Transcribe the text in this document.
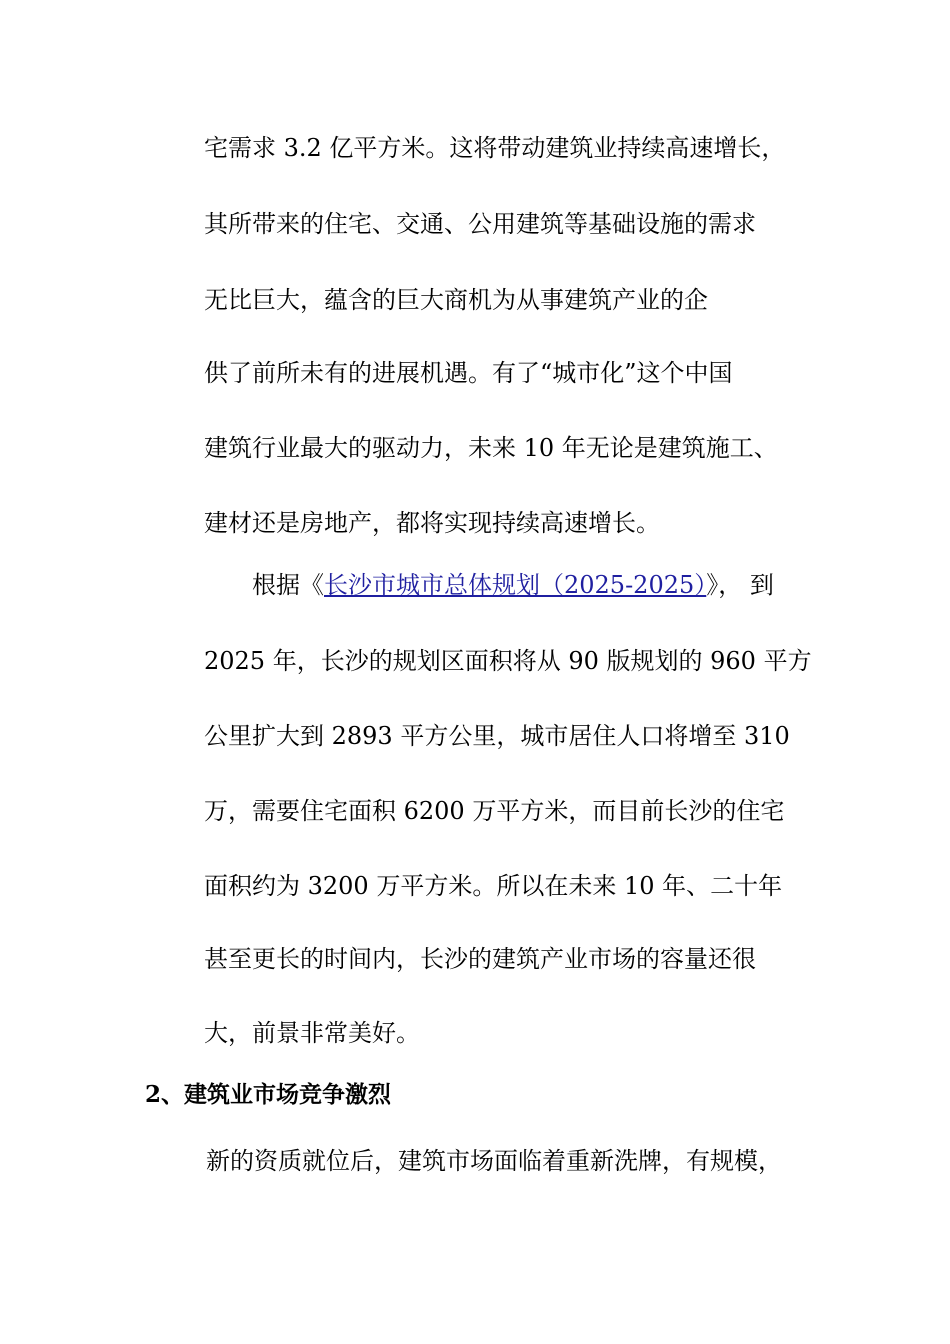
宅需求 3.2 亿平方米。这将带动建筑业持续高速增长，
其所带来的住宅、交通、公用建筑等基础设施的需求
无比巨大，蕴含的巨大商机为从事建筑产业的企
供了前所未有的进展机遇。有了“城市化”这个中国
建筑行业最大的驱动力，未来 10 年无论是建筑施工、
建材还是房地产，都将实现持续高速增长。
根据《长沙市城市总体规划（2025-2025）》， 到
2025 年，长沙的规划区面积将从 90 版规划的 960 平方
公里扩大到 2893 平方公里，城市居住人口将增至 310
万，需要住宅面积 6200 万平方米，而目前长沙的住宅
面积约为 3200 万平方米。所以在未来 10 年、二十年
甚至更长的时间内，长沙的建筑产业市场的容量还很
大，前景非常美好。
2、建筑业市场竞争激烈
新的资质就位后，建筑市场面临着重新洗牌，有规模，
